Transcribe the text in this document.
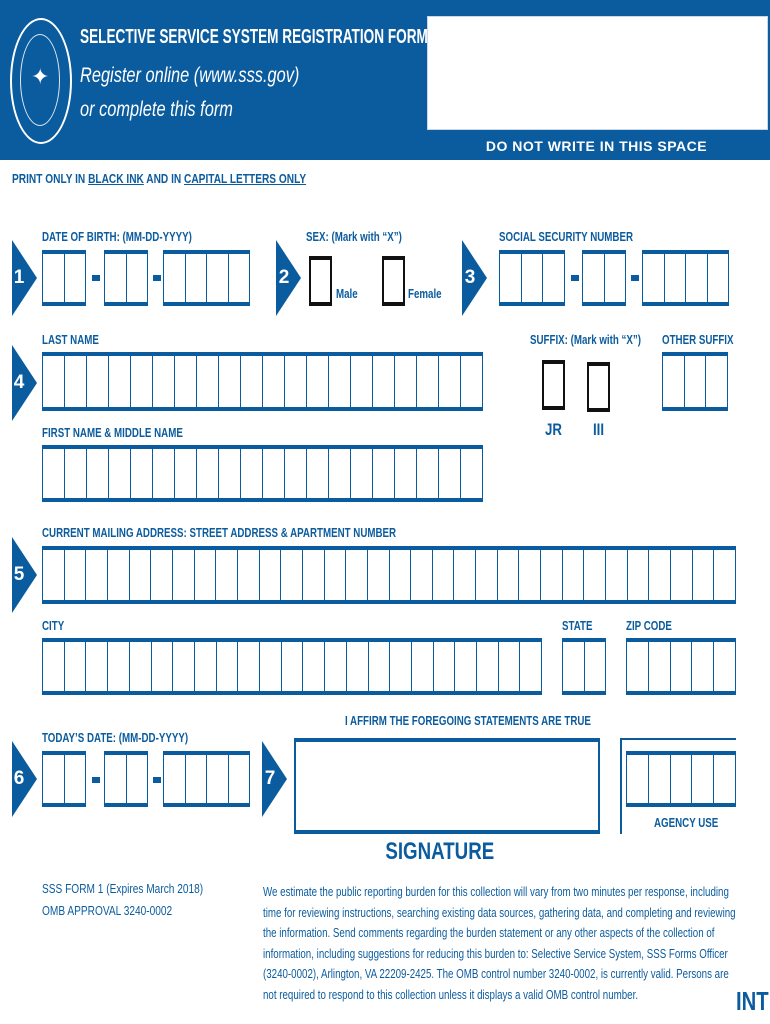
✦
SELECTIVE SERVICE SYSTEM REGISTRATION FORM
Register online (www.sss.gov)
or complete this form
DO NOT WRITE IN THIS SPACE
PRINT ONLY IN BLACK INK AND IN CAPITAL LETTERS ONLY
1
DATE OF BIRTH: (MM-DD-YYYY)
2
SEX: (Mark with “X”)
Male	Female
3
SOCIAL SECURITY NUMBER
4
LAST NAME	SUFFIX: (Mark with “X”)
JR III
OTHER SUFFIX
FIRST NAME & MIDDLE NAME
5
CURRENT MAILING ADDRESS: STREET ADDRESS & APARTMENT NUMBER
CITY	STATE	ZIP CODE
6
TODAY’S DATE: (MM-DD-YYYY)
I AFFIRM THE FOREGOING STATEMENTS ARE TRUE
7
SIGNATURE
AGENCY USE
SSS FORM 1 (Expires March 2018)
OMB APPROVAL 3240-0002
We estimate the public reporting burden for this collection will vary from two minutes per response, including time for reviewing instructions, searching existing data sources, gathering data, and completing and reviewing the information. Send comments regarding the burden statement or any other aspects of the collection of information, including suggestions for reducing this burden to: Selective Service System, SSS Forms Officer (3240-0002), Arlington, VA 22209-2425. The OMB control number 3240-0002, is currently valid. Persons are not required to respond to this collection unless it displays a valid OMB control number.	INT
